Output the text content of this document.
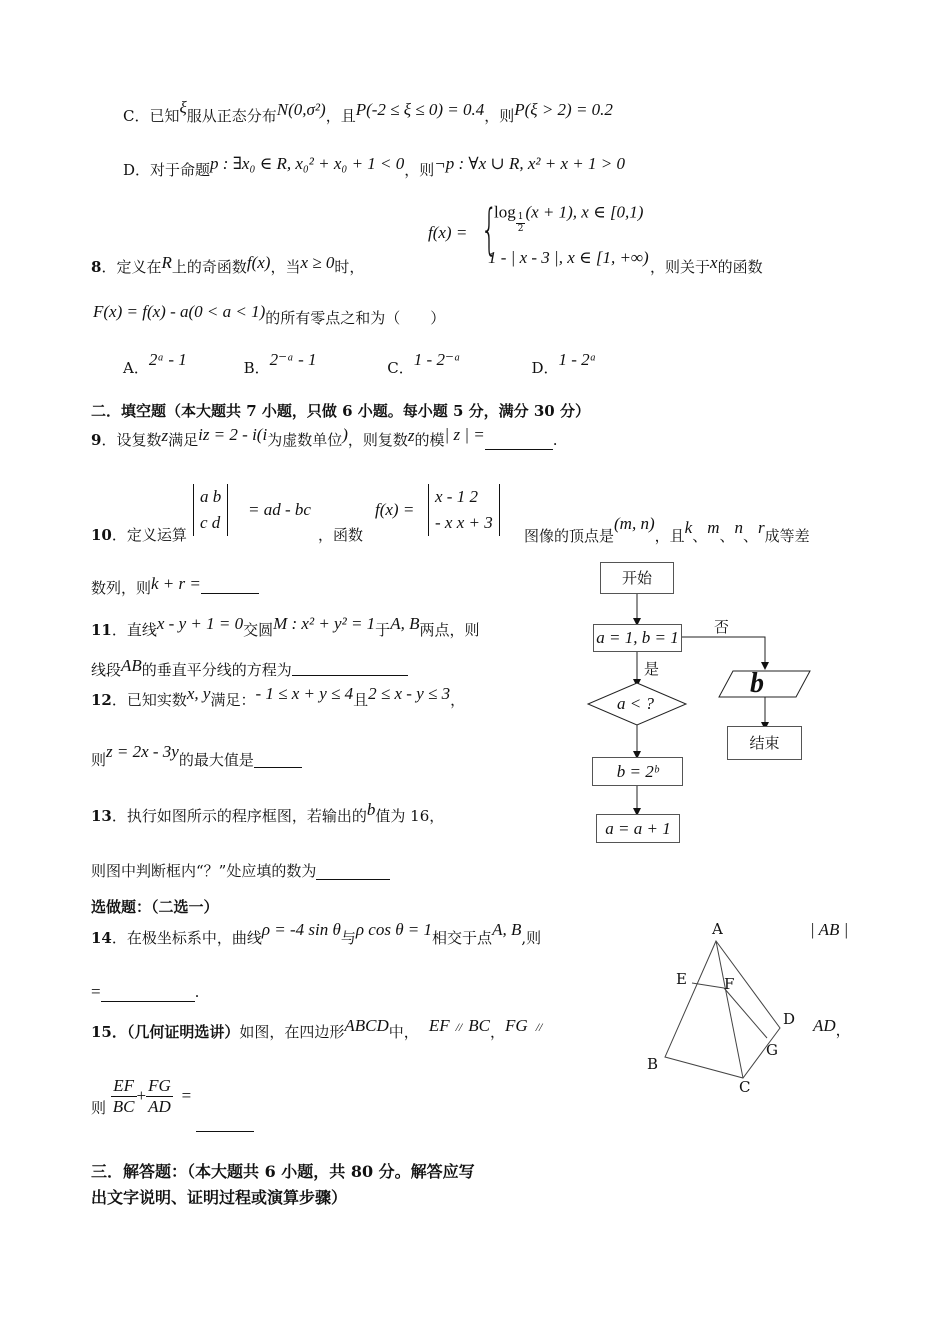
C．已知ξ服从正态分布N(0,σ²)，且P(-2 ≤ ξ ≤ 0) = 0.4，则P(ξ > 2) = 0.2
D．对于命题p : ∃x₀ ∈ R, x₀² + x₀ + 1 < 0，则¬p : ∀x ∪ R, x² + x + 1 > 0
f(x) = {
log
$\frac{1}{2}$
(x + 1), x ∈ [0,1)
1 - | x - 3 |, x ∈ [1, +∞)
8．定义在R上的奇函数f(x)，当x ≥ 0时，	，则关于x的函数
F(x) = f(x) - a(0 < a < 1)的所有零点之和为（　　）
A．2ᵃ - 1	B．2⁻ᵃ - 1	C．1 - 2⁻ᵃ	D．1 - 2ᵃ
二．填空题（本大题共 7 小题，只做 6 小题。每小题 5 分，满分 30 分）
9．设复数z满足iz = 2 - i(i为虚数单位)，则复数z的模| z | =	.
10．定义运算
a b
c d
= ad - bc
，函数
f(x) =
x - 1 2
- x x + 3
图像的顶点是(m, n)，且k、m、n、r成等差
数列，则k + r =
11．直线x - y + 1 = 0交圆M : x² + y² = 1于A, B两点，则
线段AB的垂直平分线的方程为
12．已知实数x, y满足：- 1 ≤ x + y ≤ 4且2 ≤ x - y ≤ 3，
则z = 2x - 3y的最大值是
13．执行如图所示的程序框图，若输出的b值为 16，
则图中判断框内“？”处应填的数为
开始
a = 1, b = 1
否
是
a < ?
b
结束
b = 2ᵇ
a = a + 1
选做题：（二选一）
14．在极坐标系中，曲线ρ = -4 sin θ与ρ cos θ = 1相交于点A, B,则	| AB |
=	.
15．（几何证明选讲）如图，在四边形ABCD中， EF // BC，FG //	AD，
则 $\frac{EF}{BC} + \frac{FG}{AD}$ =
A
E F
D
G
B
C
三．解答题：（本大题共 6 小题，共 80 分。解答应写
出文字说明、证明过程或演算步骤）
